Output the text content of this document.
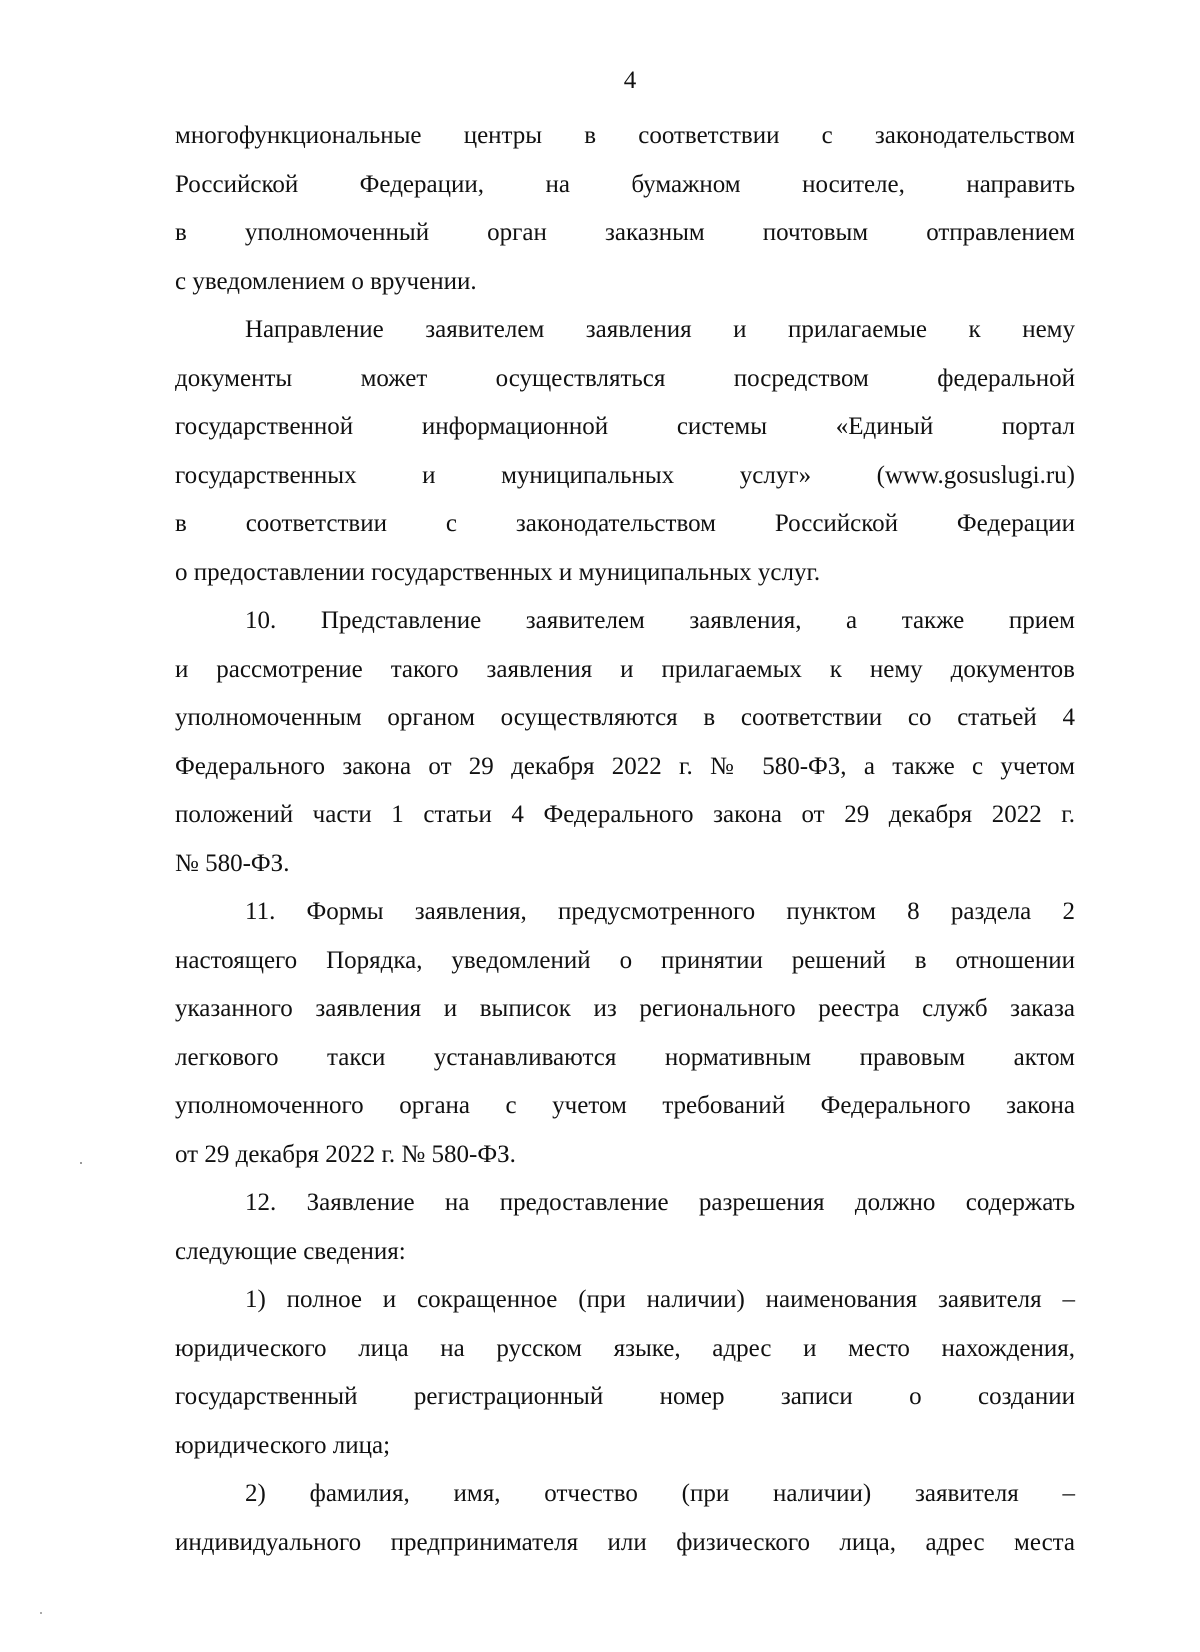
4
многофункциональные центры в соответствии с законодательством
Российской Федерации, на бумажном носителе, направить
в уполномоченный орган заказным почтовым отправлением
с уведомлением о вручении.
Направление заявителем заявления и прилагаемые к нему
документы может осуществляться посредством федеральной
государственной информационной системы «Единый портал
государственных и муниципальных услуг» (www.gosuslugi.ru)
в соответствии с законодательством Российской Федерации
о предоставлении государственных и муниципальных услуг.
10. Представление заявителем заявления, а также прием
и рассмотрение такого заявления и прилагаемых к нему документов
уполномоченным органом осуществляются в соответствии со статьей 4
Федерального закона от 29 декабря 2022 г. № 580-ФЗ, а также с учетом
положений части 1 статьи 4 Федерального закона от 29 декабря 2022 г.
№ 580-ФЗ.
11. Формы заявления, предусмотренного пунктом 8 раздела 2
настоящего Порядка, уведомлений о принятии решений в отношении
указанного заявления и выписок из регионального реестра служб заказа
легкового такси устанавливаются нормативным правовым актом
уполномоченного органа с учетом требований Федерального закона
от 29 декабря 2022 г. № 580-ФЗ.
12. Заявление на предоставление разрешения должно содержать
следующие сведения:
1) полное и сокращенное (при наличии) наименования заявителя –
юридического лица на русском языке, адрес и место нахождения,
государственный регистрационный номер записи о создании
юридического лица;
2) фамилия, имя, отчество (при наличии) заявителя –
индивидуального предпринимателя или физического лица, адрес места
